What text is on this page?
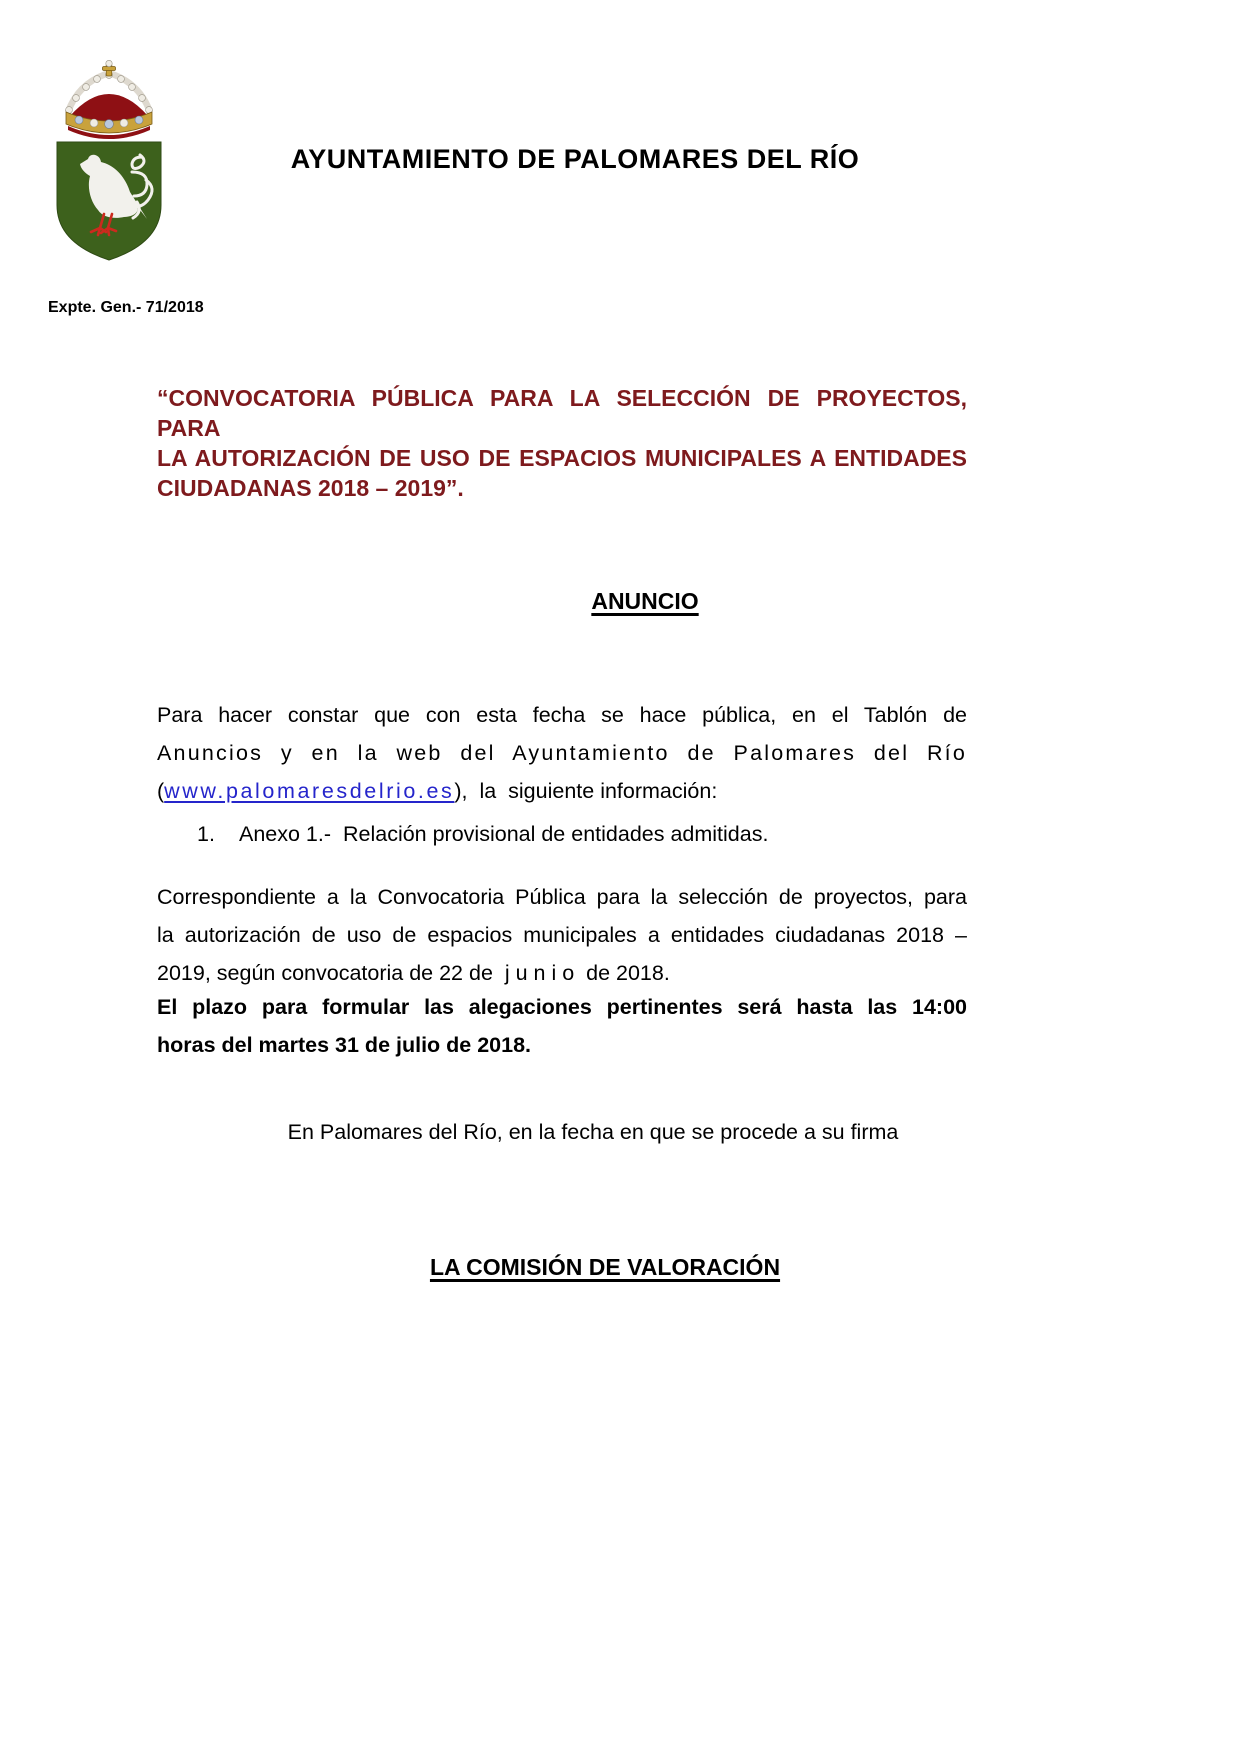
AYUNTAMIENTO DE PALOMARES DEL RÍO
Expte. Gen.- 71/2018
“CONVOCATORIA PÚBLICA PARA LA SELECCIÓN DE PROYECTOS, PARA
LA AUTORIZACIÓN DE USO DE ESPACIOS MUNICIPALES A ENTIDADES
CIUDADANAS 2018 – 2019”.
ANUNCIO
Para hacer constar que con esta fecha se hace pública, en el Tablón de
Anuncios y en la web del Ayuntamiento de Palomares del Río
(www.palomaresdelrio.es),  la  siguiente información:
1.	Anexo 1.-  Relación provisional de entidades admitidas.
Correspondiente a la Convocatoria Pública para la selección de proyectos, para
la autorización de uso de espacios municipales a entidades ciudadanas 2018 –
2019, según convocatoria de 22 de  j u n i o  de 2018.
El plazo para formular las alegaciones pertinentes será hasta las 14:00
horas del martes 31 de julio de 2018.
En Palomares del Río, en la fecha en que se procede a su firma
LA COMISIÓN DE VALORACIÓN
